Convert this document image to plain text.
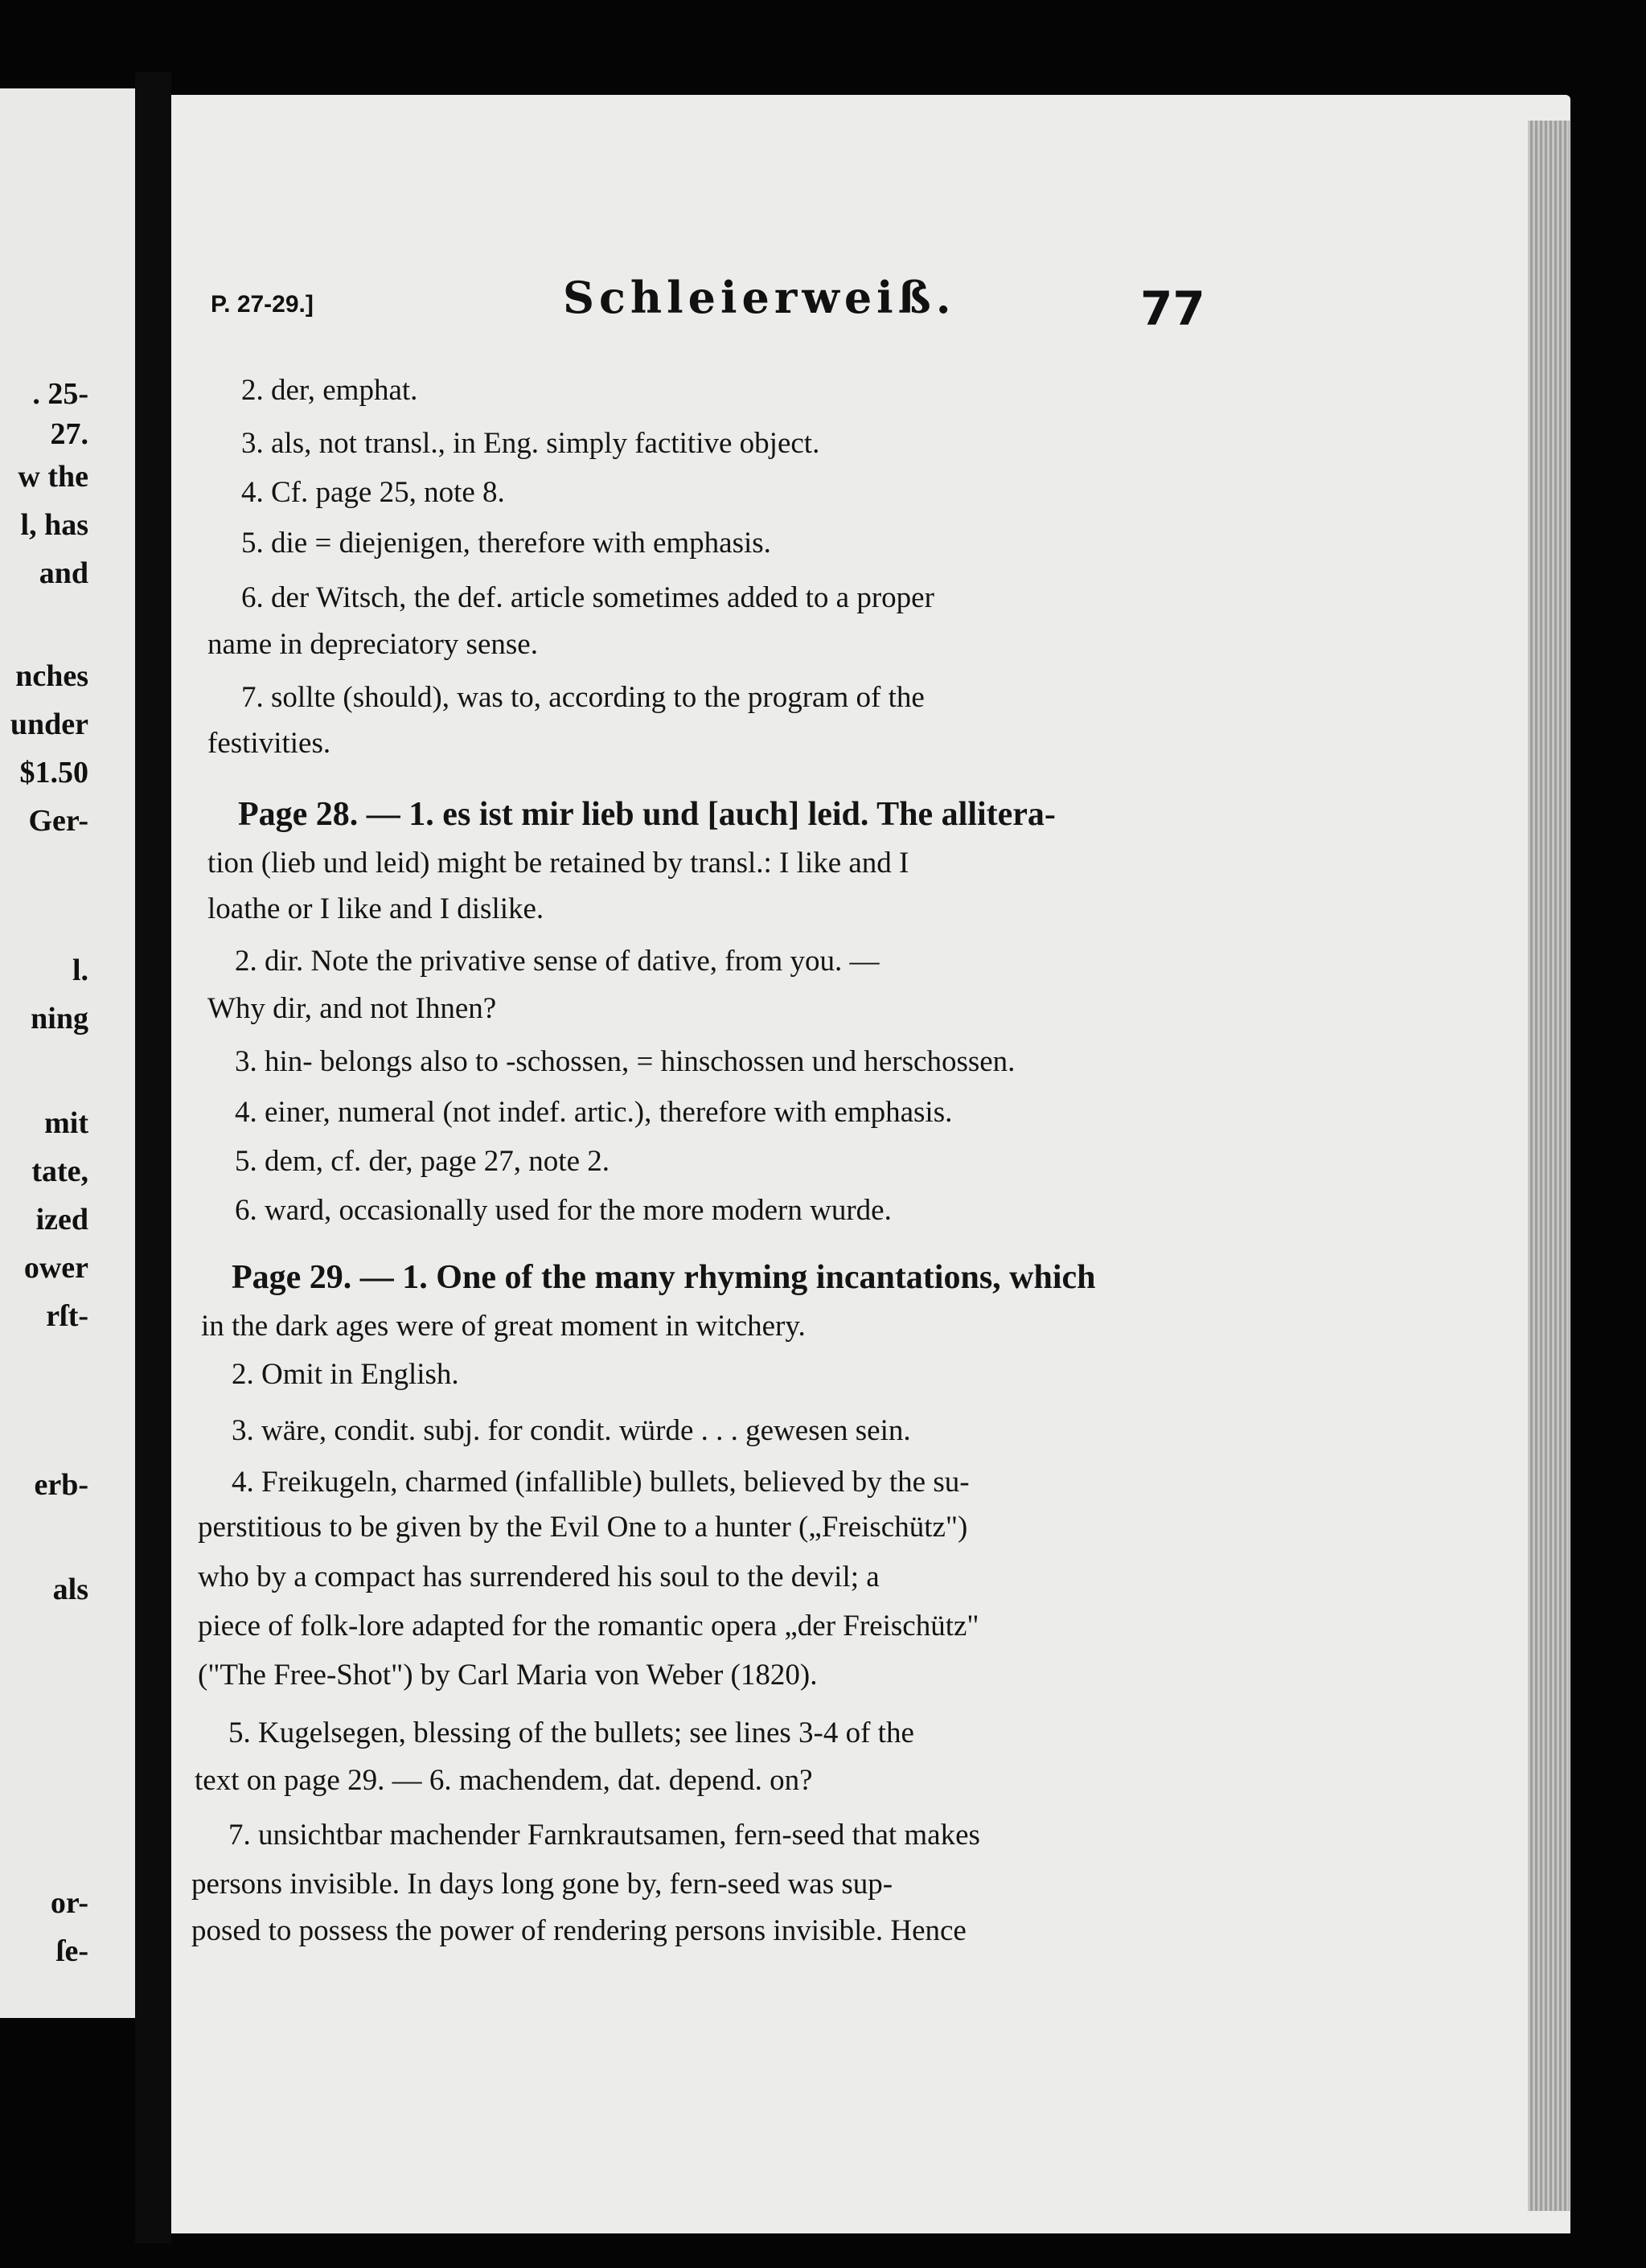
. 25-27.
w the
l, has
and
nches
under
$1.50
Ger-
l.
ning
mit
tate,
ized
ower
rſt-
erb-
als
or-
ſe-
P. 27-29.]	Schleierweiß.	77
2. der, emphat.
3. als, not transl., in Eng. simply factitive object.
4. Cf. page 25, note 8.
5. die = diejenigen, therefore with emphasis.
6. der Witsch, the def. article sometimes added to a proper
name in depreciatory sense.
7. sollte (should), was to, according to the program of the
festivities.
Page 28. — 1. es ist mir lieb und [auch] leid. The allitera-
tion (lieb und leid) might be retained by transl.: I like and I
loathe or I like and I dislike.
2. dir. Note the privative sense of dative, from you. —
Why dir, and not Ihnen?
3. hin- belongs also to -schossen, = hinschossen und herschossen.
4. einer, numeral (not indef. artic.), therefore with emphasis.
5. dem, cf. der, page 27, note 2.
6. ward, occasionally used for the more modern wurde.
Page 29. — 1. One of the many rhyming incantations, which
in the dark ages were of great moment in witchery.
2. Omit in English.
3. wäre, condit. subj. for condit. würde . . . gewesen sein.
4. Freikugeln, charmed (infallible) bullets, believed by the su-
perstitious to be given by the Evil One to a hunter („Freischütz")
who by a compact has surrendered his soul to the devil; a
piece of folk-lore adapted for the romantic opera „der Freischütz"
("The Free-Shot") by Carl Maria von Weber (1820).
5. Kugelsegen, blessing of the bullets; see lines 3-4 of the
text on page 29. — 6. machendem, dat. depend. on?
7. unsichtbar machender Farnkrautsamen, fern-seed that makes
persons invisible. In days long gone by, fern-seed was sup-
posed to possess the power of rendering persons invisible. Hence
